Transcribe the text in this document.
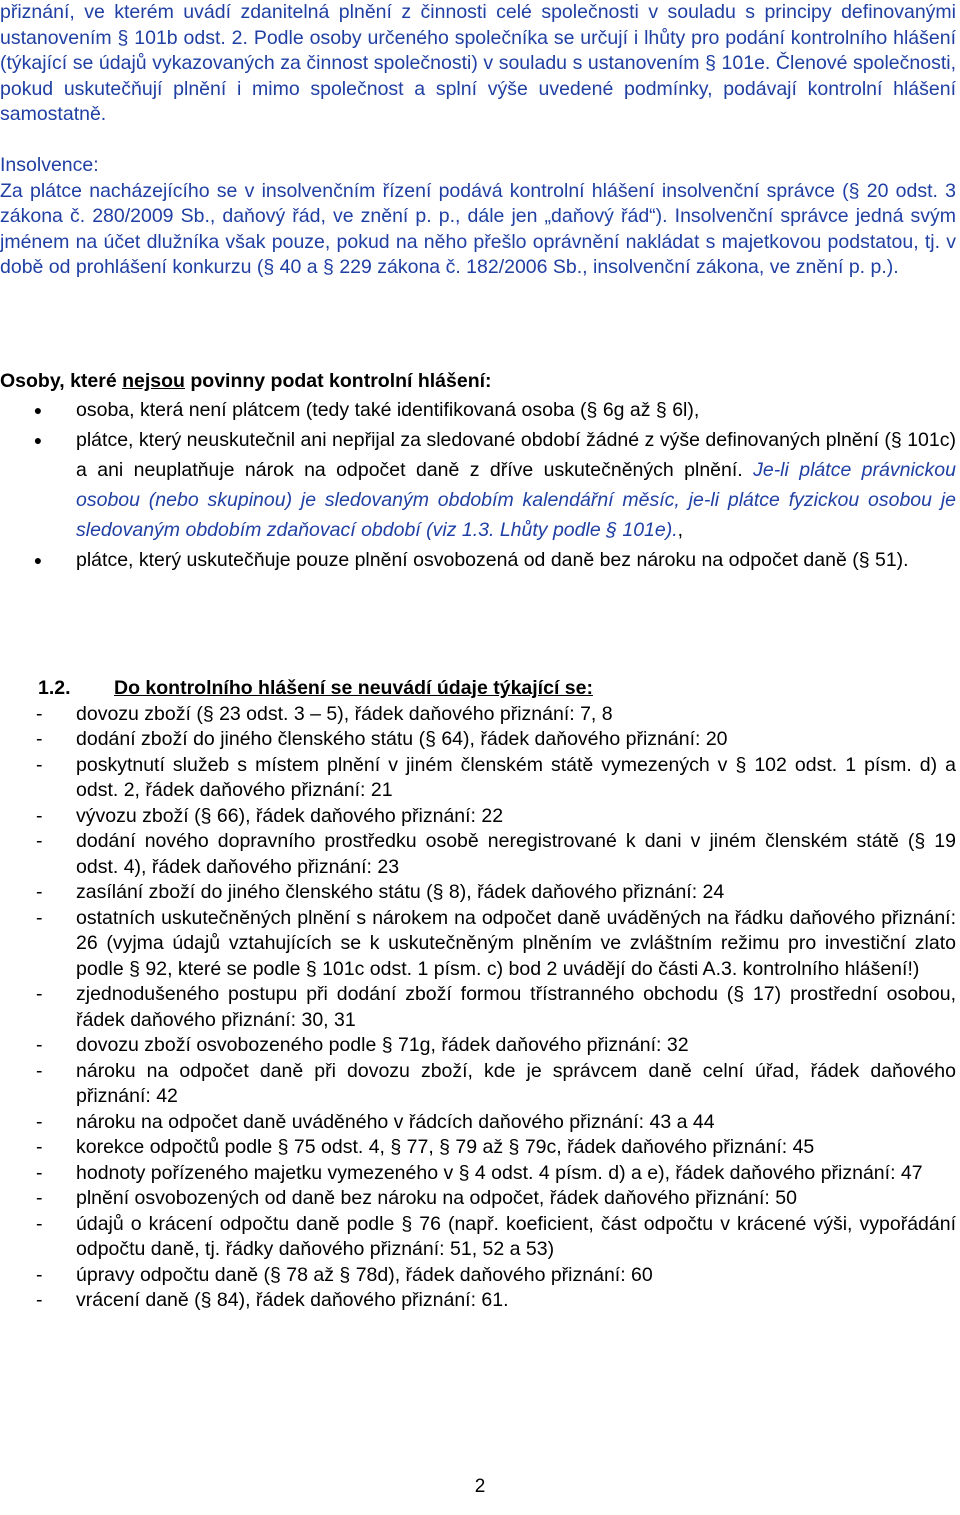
přiznání, ve kterém uvádí zdanitelná plnění z činnosti celé společnosti v souladu s principy definovanými ustanovením § 101b odst. 2. Podle osoby určeného společníka se určují i lhůty pro podání kontrolního hlášení (týkající se údajů vykazovaných za činnost společnosti) v souladu s ustanovením § 101e. Členové společnosti, pokud uskutečňují plnění i mimo společnost a splní výše uvedené podmínky, podávají kontrolní hlášení samostatně.

Insolvence:

Za plátce nacházejícího se v insolvenčním řízení podává kontrolní hlášení insolvenční správce (§ 20 odst. 3 zákona č. 280/2009 Sb., daňový řád, ve znění p. p., dále jen „daňový řád“). Insolvenční správce jedná svým jménem na účet dlužníka však pouze, pokud na něho přešlo oprávnění nakládat s majetkovou podstatou, tj. v době od prohlášení konkurzu (§ 40 a § 229 zákona č. 182/2006 Sb., insolvenční zákona, ve znění p. p.).

Osoby, které nejsou povinny podat kontrolní hlášení:

●	osoba, která není plátcem (tedy také identifikovaná osoba (§ 6g až § 6l),
●	plátce, který neuskutečnil ani nepřijal za sledované období žádné z výše definovaných plnění (§ 101c) a ani neuplatňuje nárok na odpočet daně z dříve uskutečněných plnění. Je-li plátce právnickou osobou (nebo skupinou) je sledovaným obdobím kalendářní měsíc, je-li plátce fyzickou osobou je sledovaným obdobím zdaňovací období (viz 1.3. Lhůty podle § 101e).,
●	plátce, který uskutečňuje pouze plnění osvobozená od daně bez nároku na odpočet daně (§ 51).
1.2.	Do kontrolního hlášení se neuvádí údaje týkající se:
-	dovozu zboží (§ 23 odst. 3 – 5), řádek daňového přiznání: 7, 8
-	dodání zboží do jiného členského státu (§ 64), řádek daňového přiznání: 20
-	poskytnutí služeb s místem plnění v jiném členském státě vymezených v § 102 odst. 1 písm. d) a odst. 2, řádek daňového přiznání: 21
-	vývozu zboží (§ 66), řádek daňového přiznání: 22
-	dodání nového dopravního prostředku osobě neregistrované k dani v jiném členském státě (§ 19 odst. 4), řádek daňového přiznání: 23
-	zasílání zboží do jiného členského státu (§ 8), řádek daňového přiznání: 24
-	ostatních uskutečněných plnění s nárokem na odpočet daně uváděných na řádku daňového přiznání: 26 (vyjma údajů vztahujících se k uskutečněným plněním ve zvláštním režimu pro investiční zlato podle § 92, které se podle § 101c odst. 1 písm. c) bod 2 uvádějí do části A.3. kontrolního hlášení!)
-	zjednodušeného postupu při dodání zboží formou třístranného obchodu (§ 17) prostřední osobou, řádek daňového přiznání: 30, 31
-	dovozu zboží osvobozeného podle § 71g, řádek daňového přiznání: 32
-	nároku na odpočet daně při dovozu zboží, kde je správcem daně celní úřad, řádek daňového přiznání: 42
-	nároku na odpočet daně uváděného v řádcích daňového přiznání: 43 a 44
-	korekce odpočtů podle § 75 odst. 4, § 77, § 79 až § 79c, řádek daňového přiznání: 45
-	hodnoty pořízeného majetku vymezeného v § 4 odst. 4 písm. d) a e), řádek daňového přiznání: 47
-	plnění osvobozených od daně bez nároku na odpočet, řádek daňového přiznání: 50
-	údajů o krácení odpočtu daně podle § 76 (např. koeficient, část odpočtu v krácené výši, vypořádání odpočtu daně, tj. řádky daňového přiznání: 51, 52 a 53)
-	úpravy odpočtu daně (§ 78 až § 78d), řádek daňového přiznání: 60
-	vrácení daně (§ 84), řádek daňového přiznání: 61.
2
